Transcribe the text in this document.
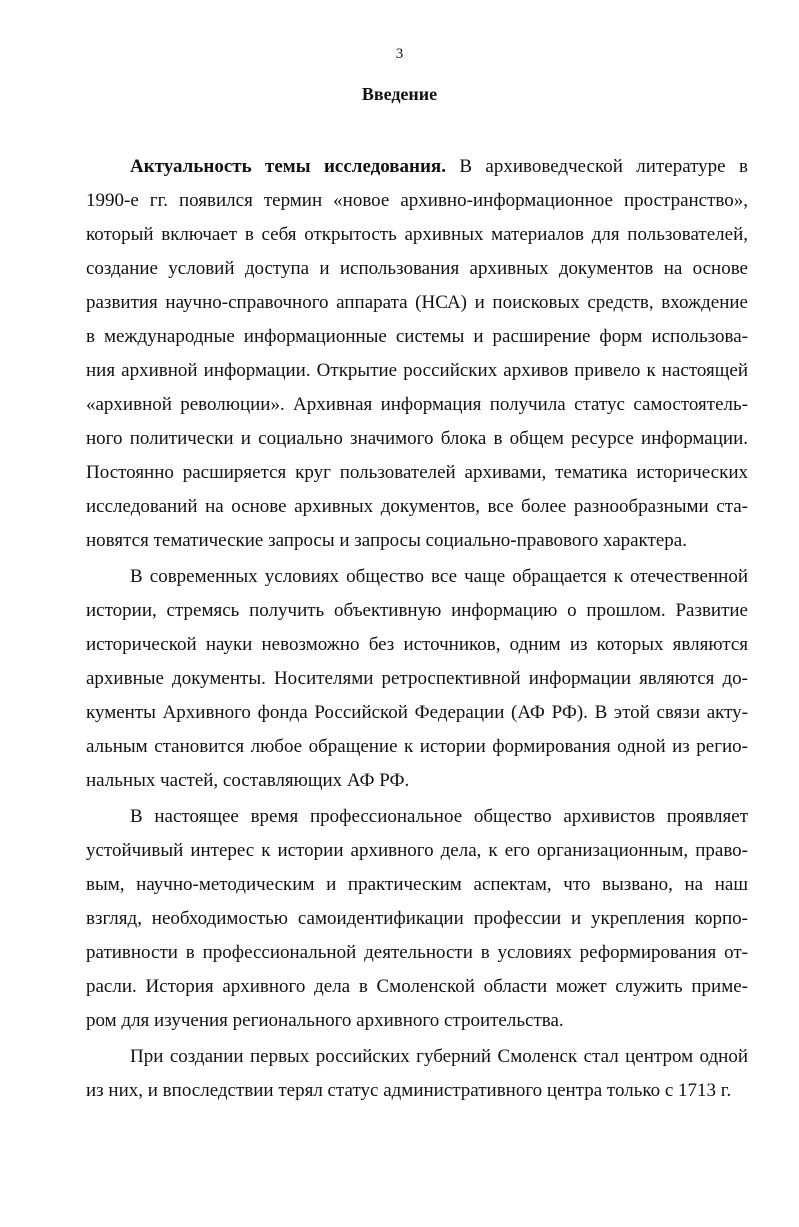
3
Введение
Актуальность темы исследования. В архивоведческой литературе в
1990-е гг. появился термин «новое архивно-информационное пространство»,
который включает в себя открытость архивных материалов для пользователей,
создание условий доступа и использования архивных документов на основе
развития научно-справочного аппарата (НСА) и поисковых средств, вхождение
в международные информационные системы и расширение форм использова-
ния архивной информации. Открытие российских архивов привело к настоящей
«архивной революции». Архивная информация получила статус самостоятель-
ного политически и социально значимого блока в общем ресурсе информации.
Постоянно расширяется круг пользователей архивами, тематика исторических
исследований на основе архивных документов, все более разнообразными ста-
новятся тематические запросы и запросы социально-правового характера.
В современных условиях общество все чаще обращается к отечественной
истории, стремясь получить объективную информацию о прошлом. Развитие
исторической науки невозможно без источников, одним из которых являются
архивные документы. Носителями ретроспективной информации являются до-
кументы Архивного фонда Российской Федерации (АФ РФ). В этой связи акту-
альным становится любое обращение к истории формирования одной из регио-
нальных частей, составляющих АФ РФ.
В настоящее время профессиональное общество архивистов проявляет
устойчивый интерес к истории архивного дела, к его организационным, право-
вым, научно-методическим и практическим аспектам, что вызвано, на наш
взгляд, необходимостью самоидентификации профессии и укрепления корпо-
ративности в профессиональной деятельности в условиях реформирования от-
расли. История архивного дела в Смоленской области может служить приме-
ром для изучения регионального архивного строительства.
При создании первых российских губерний Смоленск стал центром одной
из них, и впоследствии терял статус административного центра только с 1713 г.
